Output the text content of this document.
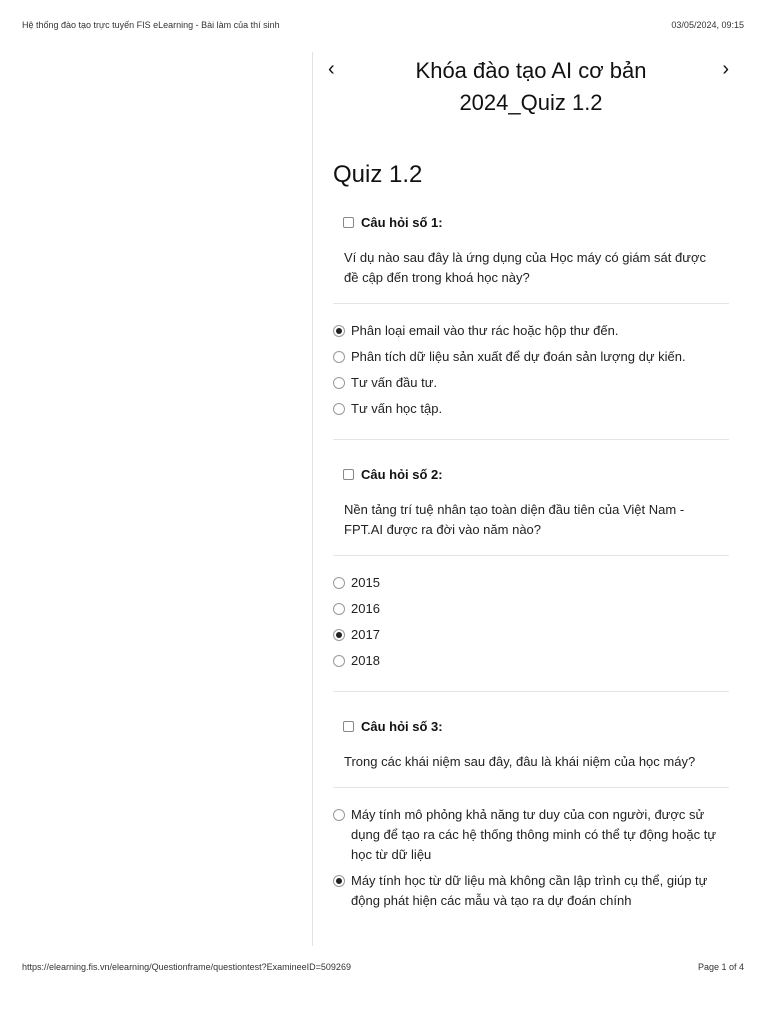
Hệ thống đào tạo trực tuyến FIS eLearning - Bài làm của thí sinh	03/05/2024, 09:15
‹	Khóa đào tạo AI cơ bản 2024_Quiz 1.2
›
Quiz 1.2
Câu hỏi số 1:
Ví dụ nào sau đây là ứng dụng của Học máy có giám sát được đề cập đến trong khoá học này?
Phân loại email vào thư rác hoặc hộp thư đến.
Phân tích dữ liệu sản xuất để dự đoán sản lượng dự kiến.
Tư vấn đầu tư.
Tư vấn học tập.
Câu hỏi số 2:
Nền tảng trí tuệ nhân tạo toàn diện đầu tiên của Việt Nam - FPT.AI được ra đời vào năm nào?
2015
2016
2017
2018
Câu hỏi số 3:
Trong các khái niệm sau đây, đâu là khái niệm của học máy?
Máy tính mô phỏng khả năng tư duy của con người, được sử dụng để tạo ra các hệ thống thông minh có thể tự động hoặc tự học từ dữ liệu
Máy tính học từ dữ liệu mà không cần lập trình cụ thể, giúp tự động phát hiện các mẫu và tạo ra dự đoán chính
https://elearning.fis.vn/elearning/Questionframe/questiontest?ExamineeID=509269	Page 1 of 4
